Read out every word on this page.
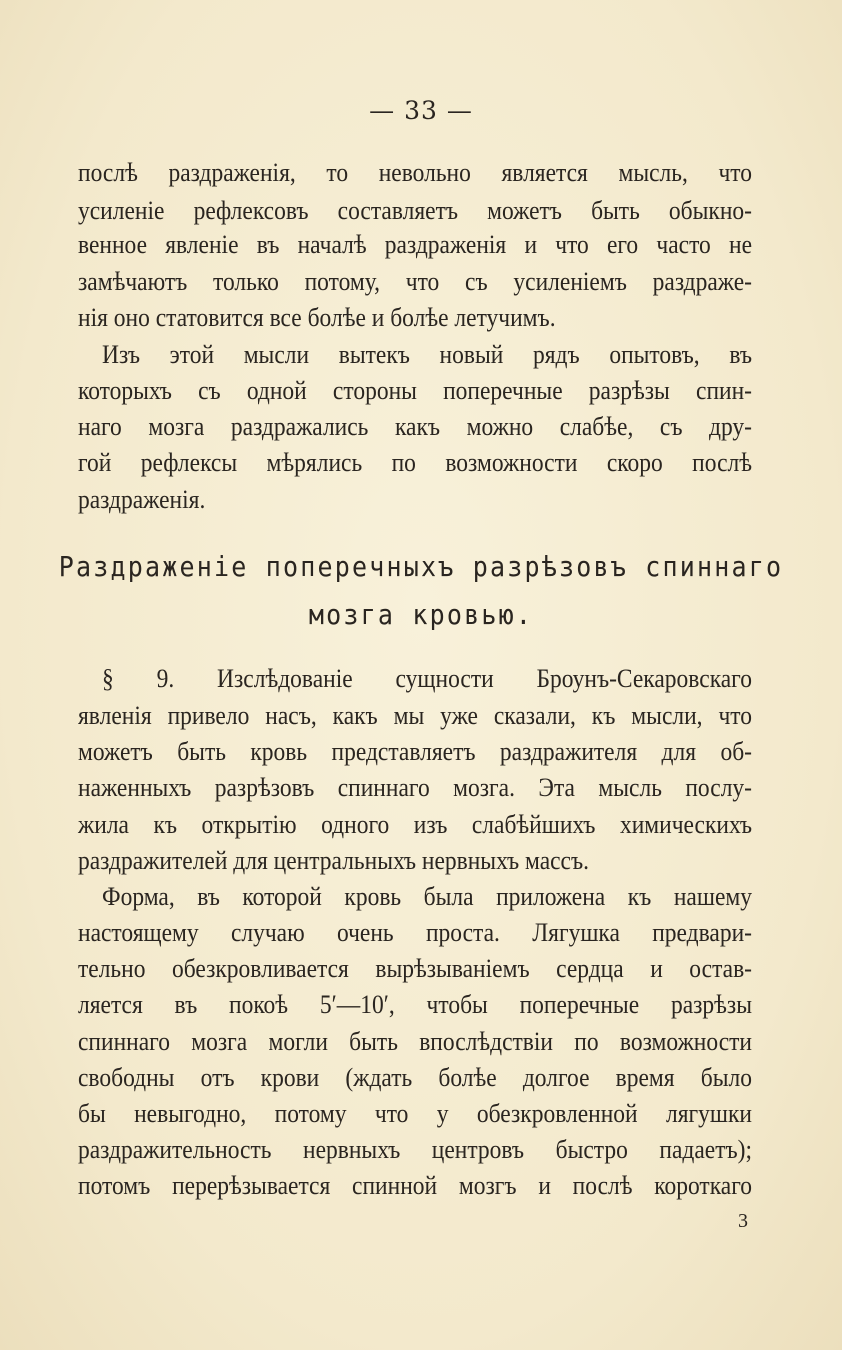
— 33 —
послѣ раздраженія, то невольно является мысль, что
усиленіе рефлексовъ составляетъ можетъ быть обыкно-
венное явленіе въ началѣ раздраженія и что его часто не
замѣчаютъ только потому, что съ усиленіемъ раздраже-
нія оно статовится все болѣе и болѣе летучимъ.
Изъ этой мысли вытекъ новый рядъ опытовъ, въ
которыхъ съ одной стороны поперечные разрѣзы спин-
наго мозга раздражались какъ можно слабѣе, съ дру-
гой рефлексы мѣрялись по возможности скоро послѣ
раздраженія.
§ 9. Изслѣдованіе сущности Броунъ-Секаровскаго
явленія привело насъ, какъ мы уже сказали, къ мысли, что
можетъ быть кровь представляетъ раздражителя для об-
наженныхъ разрѣзовъ спиннаго мозга. Эта мысль послу-
жила къ открытію одного изъ слабѣйшихъ химическихъ
раздражителей для центральныхъ нервныхъ массъ.
Форма, въ которой кровь была приложена къ нашему
настоящему случаю очень проста. Лягушка предвари-
тельно обезкровливается вырѣзываніемъ сердца и остав-
ляется въ покоѣ 5′—10′, чтобы поперечные разрѣзы
спиннаго мозга могли быть впослѣдствіи по возможности
свободны отъ крови (ждать болѣе долгое время было
бы невыгодно, потому что у обезкровленной лягушки
раздражительность нервныхъ центровъ быстро падаетъ);
потомъ перерѣзывается спинной мозгъ и послѣ короткаго
Раздраженіе поперечныхъ разрѣзовъ спиннаго
мозга кровью.
3
